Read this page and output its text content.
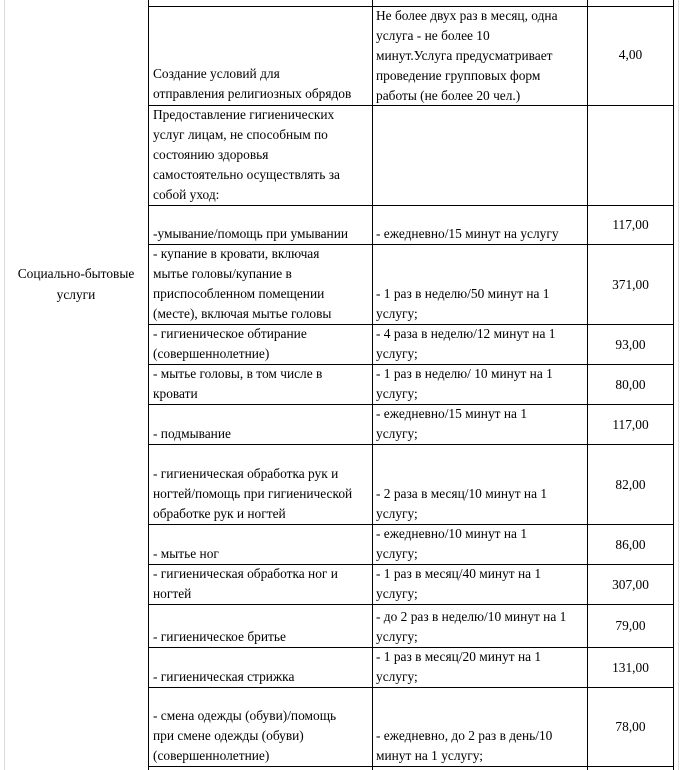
Социально-бытовые
услуги
Создание условий для
отправления религиозных обрядов
Не более двух раз в месяц, одна
услуга - не более 10
минут.Услуга предусматривает
проведение групповых форм
работы (не более 20 чел.)
4,00
Предоставление гигиенических
услуг лицам, не способным по
состоянию здоровья
самостоятельно осуществлять за
собой уход:
-умывание/помощь при умывании	- ежедневно/15 минут на услугу
117,00
- купание в кровати, включая
мытье головы/купание в
приспособленном помещении
(месте), включая мытье головы
- 1 раз в неделю/50 минут на 1
услугу;
371,00
- гигиеническое обтирание
(совершеннолетние)
- 4 раза в неделю/12 минут на 1
услугу;
93,00
- мытье головы, в том числе в
кровати
- 1 раз в неделю/ 10 минут на 1
услугу;
80,00
- подмывание
- ежедневно/15 минут на 1
услугу;
117,00
- гигиеническая обработка рук и
ногтей/помощь при гигиенической
обработке рук и ногтей
- 2 раза в месяц/10 минут на 1
услугу;
82,00
- мытье ног
- ежедневно/10 минут на 1
услугу;
86,00
- гигиеническая обработка ног и
ногтей
- 1 раз в месяц/40 минут на 1
услугу;
307,00
- гигиеническое бритье
- до 2 раз в неделю/10 минут на 1
услугу;
79,00
- гигиеническая стрижка
- 1 раз в месяц/20 минут на 1
услугу;
131,00
- смена одежды (обуви)/помощь
при смене одежды (обуви)
(совершеннолетние)
- ежедневно, до 2 раз в день/10
минут на 1 услугу;
78,00
